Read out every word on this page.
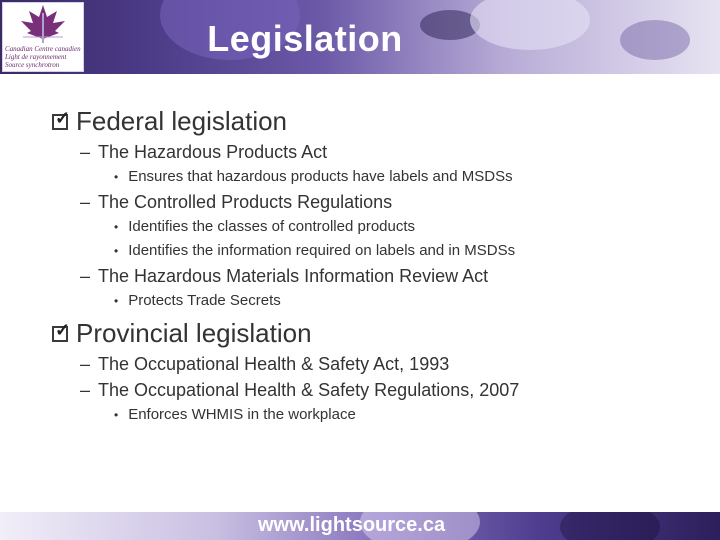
Canadian Centre canadien
Light de rayonnement
Source synchrotron
Legislation
✓ Federal legislation
– The Hazardous Products Act
• Ensures that hazardous products have labels and MSDSs
– The Controlled Products Regulations
• Identifies the classes of controlled products
• Identifies the information required on labels and in MSDSs
– The Hazardous Materials Information Review Act
• Protects Trade Secrets
✓ Provincial legislation
– The Occupational Health & Safety Act, 1993
– The Occupational Health & Safety Regulations, 2007
• Enforces WHMIS in the workplace
www.lightsource.ca
